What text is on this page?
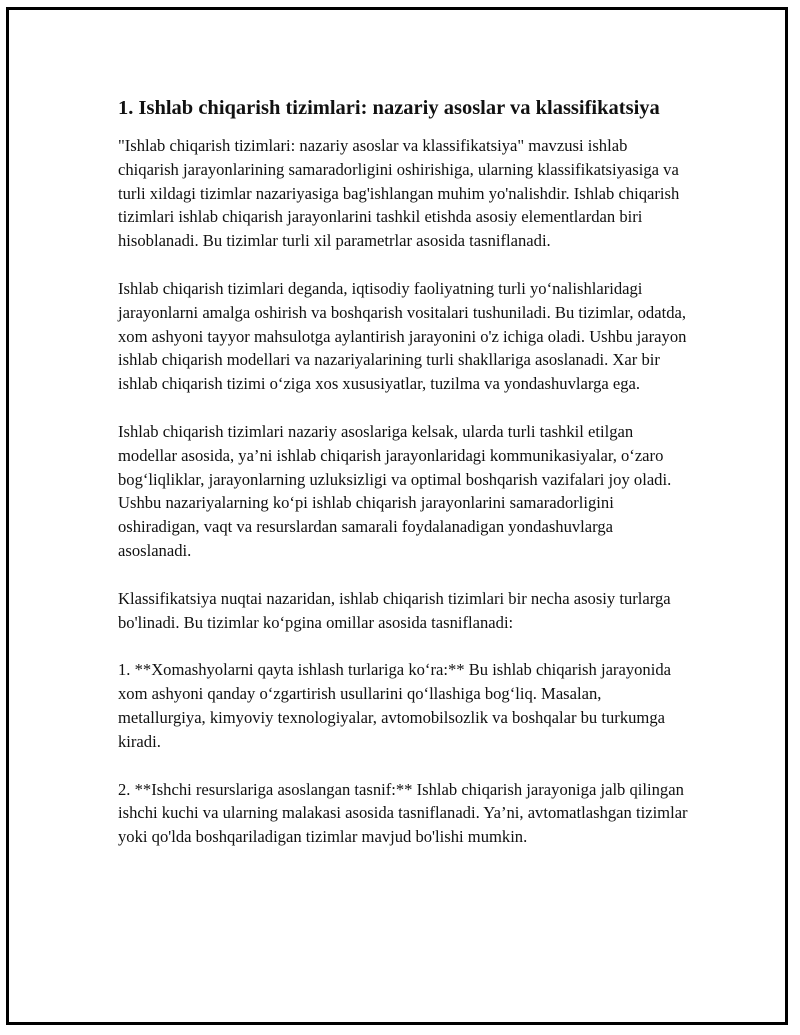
1. Ishlab chiqarish tizimlari: nazariy asoslar va klassifikatsiya

"Ishlab chiqarish tizimlari: nazariy asoslar va klassifikatsiya" mavzusi ishlab chiqarish jarayonlarining samaradorligini oshirishiga, ularning klassifikatsiyasiga va turli xildagi tizimlar nazariyasiga bag'ishlangan muhim yo'nalishdir. Ishlab chiqarish tizimlari ishlab chiqarish jarayonlarini tashkil etishda asosiy elementlardan biri hisoblanadi. Bu tizimlar turli xil parametrlar asosida tasniflanadi.

Ishlab chiqarish tizimlari deganda, iqtisodiy faoliyatning turli yo‘nalishlaridagi jarayonlarni amalga oshirish va boshqarish vositalari tushuniladi. Bu tizimlar, odatda, xom ashyoni tayyor mahsulotga aylantirish jarayonini o'z ichiga oladi. Ushbu jarayon ishlab chiqarish modellari va nazariyalarining turli shakllariga asoslanadi. Xar bir ishlab chiqarish tizimi o‘ziga xos xususiyatlar, tuzilma va yondashuvlarga ega.

Ishlab chiqarish tizimlari nazariy asoslariga kelsak, ularda turli tashkil etilgan modellar asosida, ya’ni ishlab chiqarish jarayonlaridagi kommunikasiyalar, o‘zaro bog‘liqliklar, jarayonlarning uzluksizligi va optimal boshqarish vazifalari joy oladi. Ushbu nazariyalarning ko‘pi ishlab chiqarish jarayonlarini samaradorligini oshiradigan, vaqt va resurslardan samarali foydalanadigan yondashuvlarga asoslanadi.

Klassifikatsiya nuqtai nazaridan, ishlab chiqarish tizimlari bir necha asosiy turlarga bo'linadi. Bu tizimlar ko‘pgina omillar asosida tasniflanadi:

1. **Xomashyolarni qayta ishlash turlariga ko‘ra:** Bu ishlab chiqarish jarayonida xom ashyoni qanday o‘zgartirish usullarini qo‘llashiga bog‘liq. Masalan, metallurgiya, kimyoviy texnologiyalar, avtomobilsozlik va boshqalar bu turkumga kiradi.

2. **Ishchi resurslariga asoslangan tasnif:** Ishlab chiqarish jarayoniga jalb qilingan ishchi kuchi va ularning malakasi asosida tasniflanadi. Ya’ni, avtomatlashgan tizimlar yoki qo'lda boshqariladigan tizimlar mavjud bo'lishi mumkin.
